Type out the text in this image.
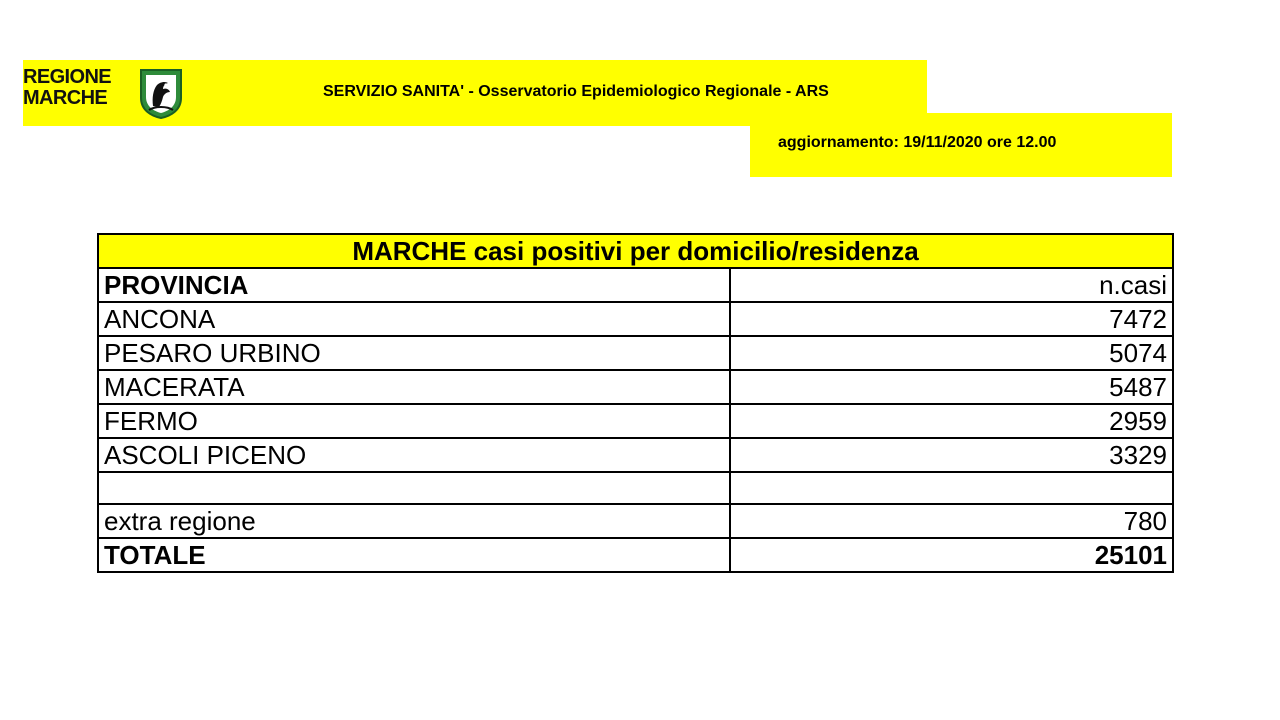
REGIONE
MARCHE	SERVIZIO SANITA' - Osservatorio Epidemiologico Regionale - ARS
aggiornamento: 19/11/2020 ore 12.00
MARCHE casi positivi per domicilio/residenza	
PROVINCIA	n.casi
ANCONA	7472
PESARO URBINO	5074
MACERATA	5487
FERMO	2959
ASCOLI PICENO	3329

extra regione	780
TOTALE	25101
